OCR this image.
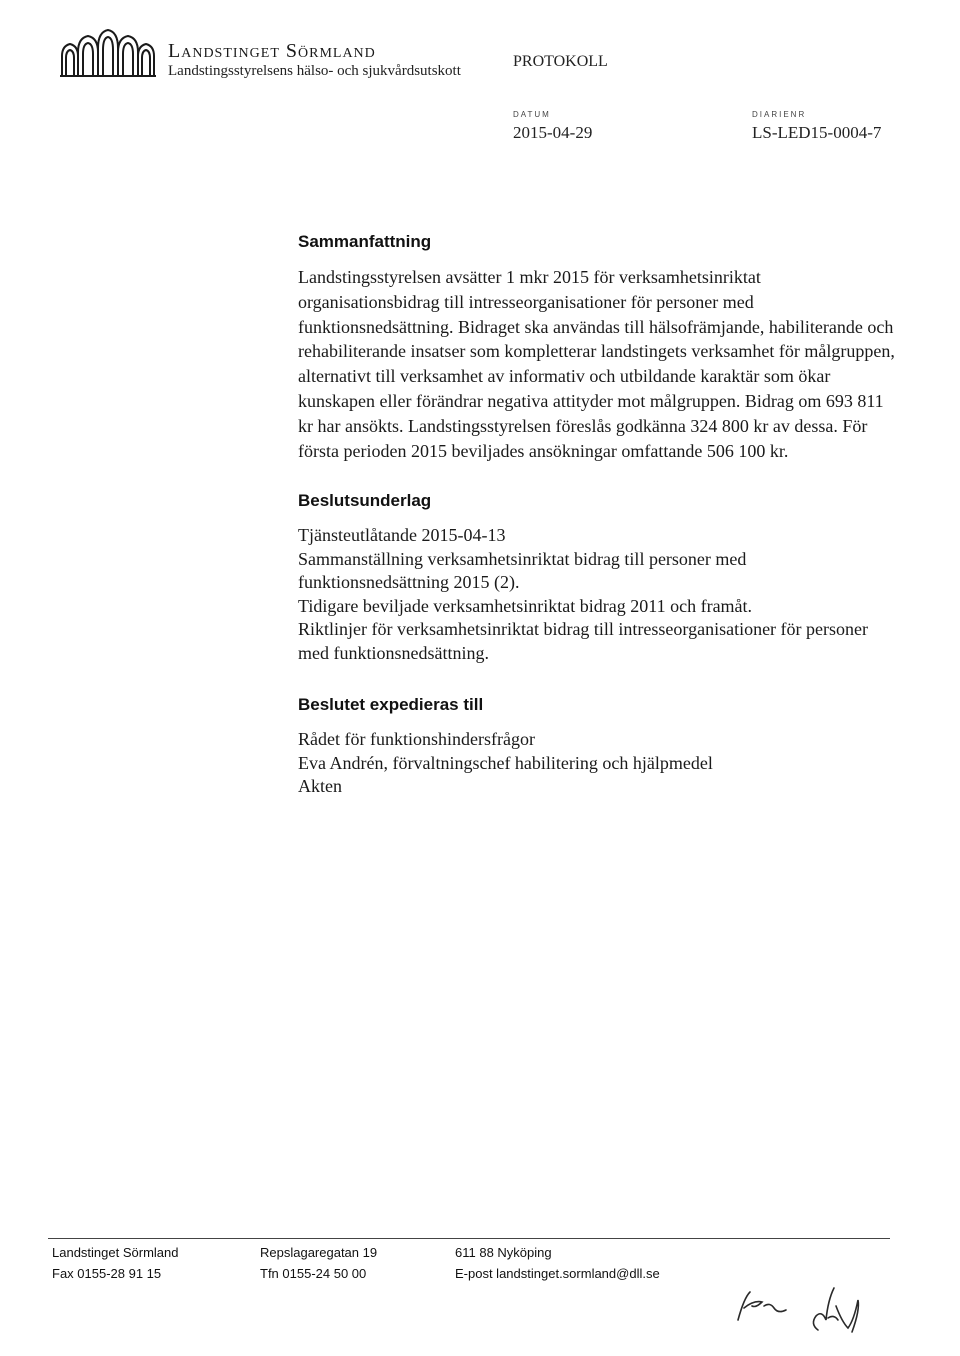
Landstinget Sörmland
Landstingsstyrelsens hälso- och sjukvårdsutskott
PROTOKOLL
DATUM
2015-04-29
DIARIENR
LS-LED15-0004-7
Sammanfattning

Landstingsstyrelsen avsätter 1 mkr 2015 för verksamhetsinriktat organisationsbidrag till intresseorganisationer för personer med funktionsnedsättning. Bidraget ska användas till hälsofrämjande, habiliterande och rehabiliterande insatser som kompletterar landstingets verksamhet för målgruppen, alternativt till verksamhet av informativ och utbildande karaktär som ökar kunskapen eller förändrar negativa attityder mot målgruppen. Bidrag om 693 811 kr har ansökts. Landstingsstyrelsen föreslås godkänna 324 800 kr av dessa. För första perioden 2015 beviljades ansökningar omfattande 506 100 kr.

Beslutsunderlag
Tjänsteutlåtande 2015-04-13
Sammanställning verksamhetsinriktat bidrag till personer med funktionsnedsättning 2015 (2).
Tidigare beviljade verksamhetsinriktat bidrag 2011 och framåt.
Riktlinjer för verksamhetsinriktat bidrag till intresseorganisationer för personer med funktionsnedsättning.
Beslutet expedieras till
Rådet för funktionshindersfrågor
Eva Andrén, förvaltningschef habilitering och hjälpmedel
Akten
Landstinget Sörmland
Fax 0155-28 91 15
Repslagaregatan 19
Tfn 0155-24 50 00
611 88 Nyköping
E-post landstinget.sormland@dll.se
